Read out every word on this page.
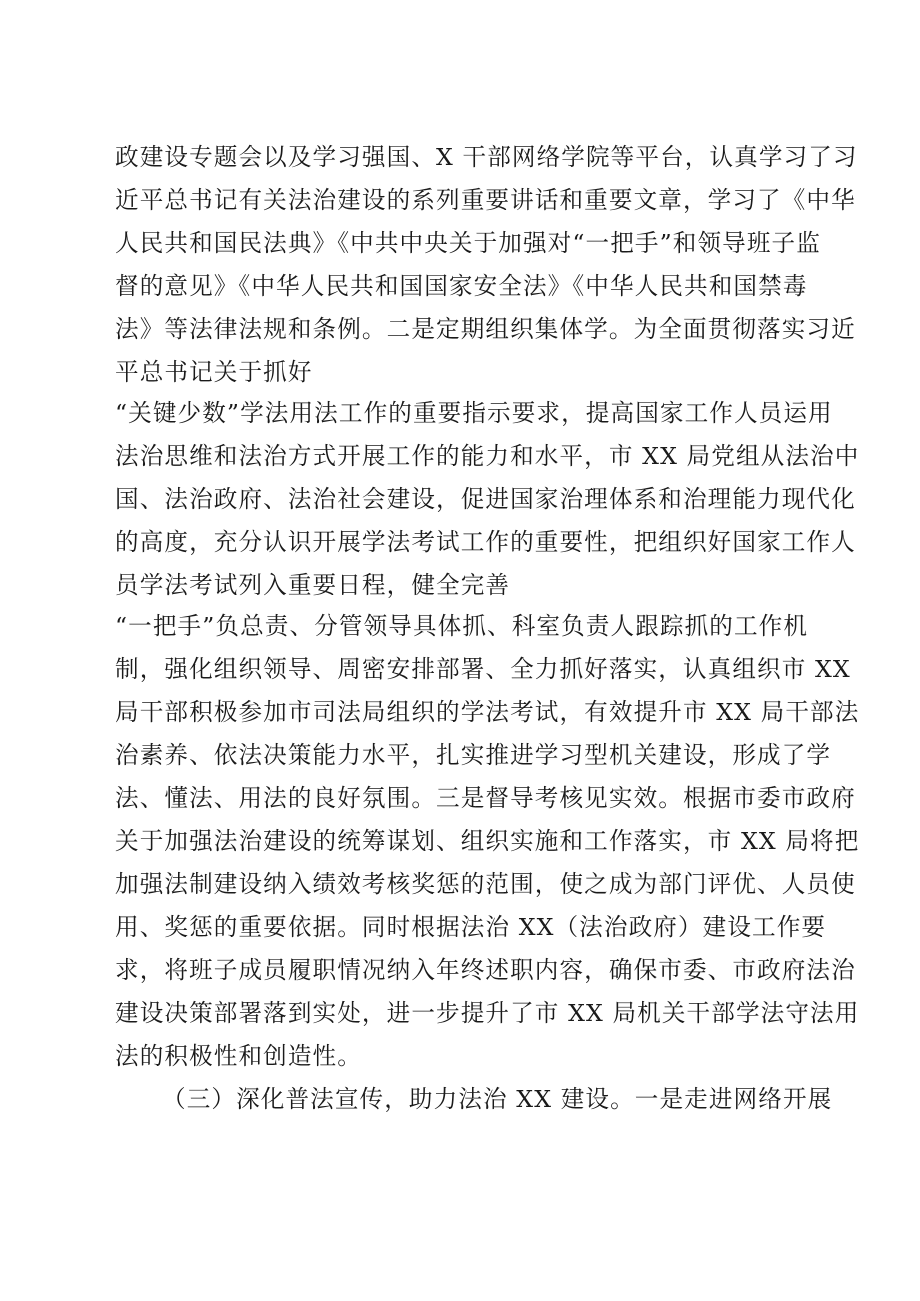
政建设专题会以及学习强国、X 干部网络学院等平台，认真学习了习
近平总书记有关法治建设的系列重要讲话和重要文章，学习了《中华
人民共和国民法典》《中共中央关于加强对“一把手”和领导班子监
督的意见》《中华人民共和国国家安全法》《中华人民共和国禁毒
法》等法律法规和条例。二是定期组织集体学。为全面贯彻落实习近
平总书记关于抓好
“关键少数”学法用法工作的重要指示要求，提高国家工作人员运用
法治思维和法治方式开展工作的能力和水平，市 XX 局党组从法治中
国、法治政府、法治社会建设，促进国家治理体系和治理能力现代化
的高度，充分认识开展学法考试工作的重要性，把组织好国家工作人
员学法考试列入重要日程，健全完善
“一把手”负总责、分管领导具体抓、科室负责人跟踪抓的工作机
制，强化组织领导、周密安排部署、全力抓好落实，认真组织市 XX
局干部积极参加市司法局组织的学法考试，有效提升市 XX 局干部法
治素养、依法决策能力水平，扎实推进学习型机关建设，形成了学
法、懂法、用法的良好氛围。三是督导考核见实效。根据市委市政府
关于加强法治建设的统筹谋划、组织实施和工作落实，市 XX 局将把
加强法制建设纳入绩效考核奖惩的范围，使之成为部门评优、人员使
用、奖惩的重要依据。同时根据法治 XX（法治政府）建设工作要
求，将班子成员履职情况纳入年终述职内容，确保市委、市政府法治
建设决策部署落到实处，进一步提升了市 XX 局机关干部学法守法用
法的积极性和创造性。
（三）深化普法宣传，助力法治 XX 建设。一是走进网络开展
